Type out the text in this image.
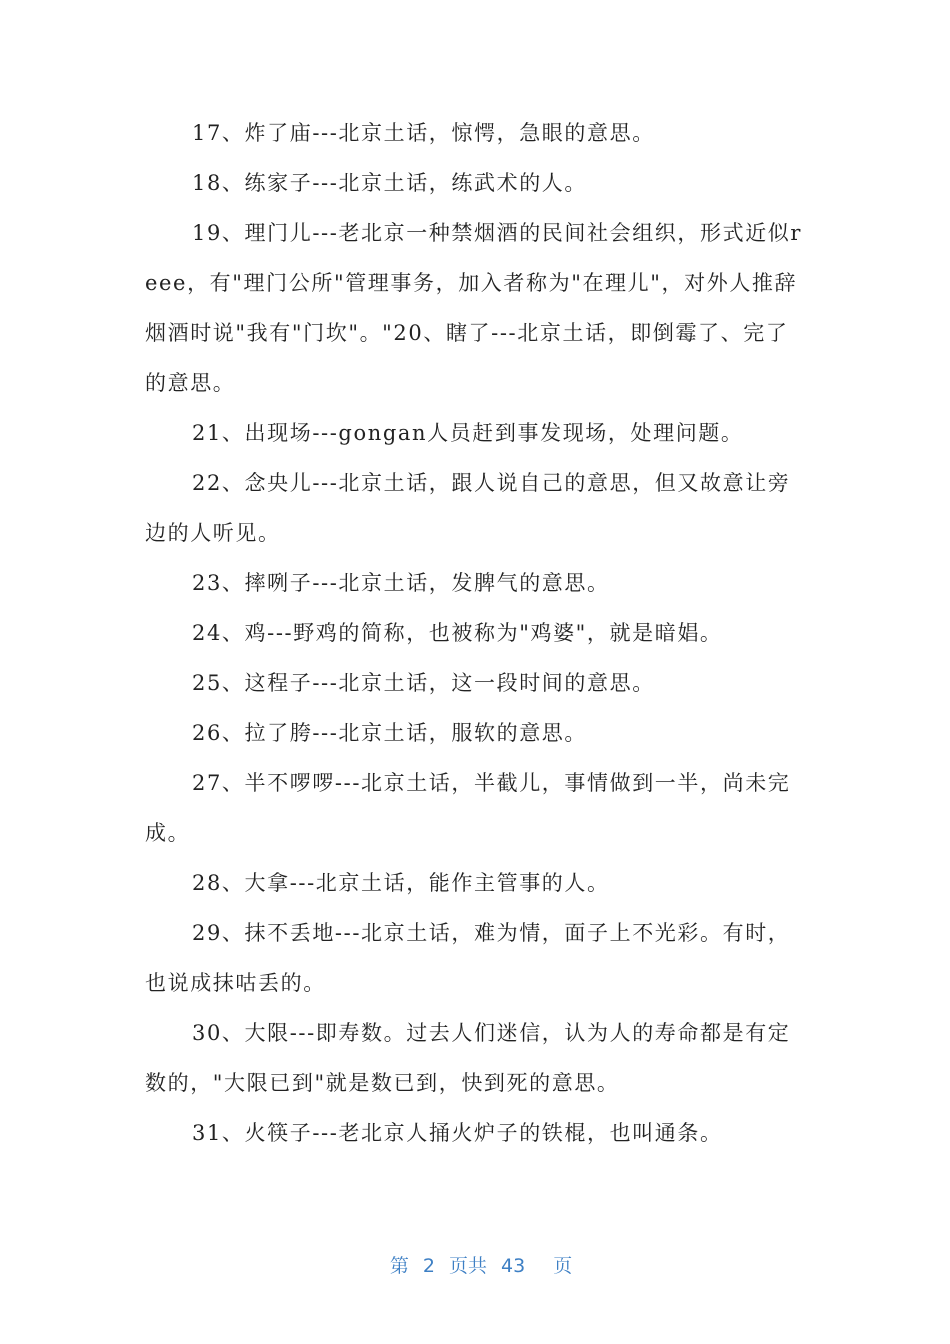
17、炸了庙---北京土话，惊愕，急眼的意思。

18、练家子---北京土话，练武术的人。

19、理门儿---老北京一种禁烟酒的民间社会组织，形式近似reee，有"理门公所"管理事务，加入者称为"在理儿"，对外人推辞烟酒时说"我有"门坎"。"20、瞎了---北京土话，即倒霉了、完了的意思。

21、出现场---gongan人员赶到事发现场，处理问题。

22、念央儿---北京土话，跟人说自己的意思，但又故意让旁边的人听见。

23、摔咧子---北京土话，发脾气的意思。

24、鸡---野鸡的简称，也被称为"鸡婆"，就是暗娼。

25、这程子---北京土话，这一段时间的意思。

26、拉了胯---北京土话，服软的意思。

27、半不啰啰---北京土话，半截儿，事情做到一半，尚未完成。

28、大拿---北京土话，能作主管事的人。

29、抹不丢地---北京土话，难为情，面子上不光彩。有时，也说成抹咕丢的。

30、大限---即寿数。过去人们迷信，认为人的寿命都是有定数的，"大限已到"就是数已到，快到死的意思。

31、火筷子---老北京人捅火炉子的铁棍，也叫通条。

第 2 页共 43 页
